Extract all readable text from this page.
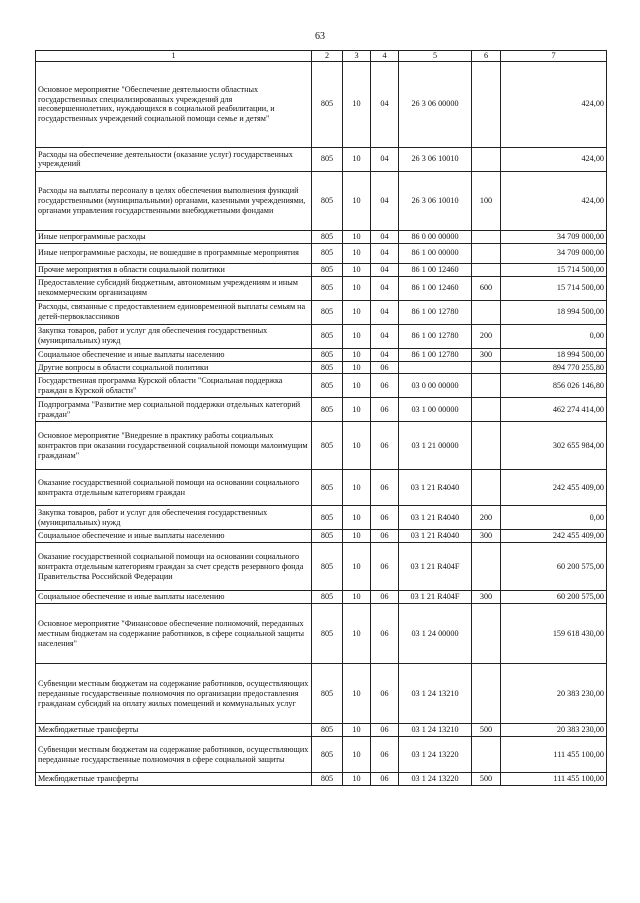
63
1	2	3	4	5	6	7
Основное мероприятие "Обеспечение деятельности областных государственных специализированных учреждений для несовершеннолетних, нуждающихся в социальной реабилитации, и государственных учреждений социальной помощи семье и детям"	805	10	04	26 3 06 00000		424,00
Расходы на обеспечение деятельности (оказание услуг) государственных учреждений	805	10	04	26 3 06 10010		424,00
Расходы на выплаты персоналу в целях обеспечения выполнения функций государственными (муниципальными) органами, казенными учреждениями, органами управления государственными внебюджетными фондами	805	10	04	26 3 06 10010	100	424,00
Иные непрограммные расходы	805	10	04	86 0 00 00000		34 709 000,00
Иные непрограммные расходы, не вошедшие в программные мероприятия	805	10	04	86 1 00 00000		34 709 000,00
Прочие мероприятия в области социальной политики	805	10	04	86 1 00 12460		15 714 500,00
Предоставление субсидий бюджетным, автономным учреждениям и иным некоммерческим организациям	805	10	04	86 1 00 12460	600	15 714 500,00
Расходы, связанные с предоставлением единовременной выплаты семьям на детей-первоклассников	805	10	04	86 1 00 12780		18 994 500,00
Закупка товаров, работ и услуг для обеспечения государственных (муниципальных) нужд	805	10	04	86 1 00 12780	200	0,00
Социальное обеспечение и иные выплаты населению	805	10	04	86 1 00 12780	300	18 994 500,00
Другие вопросы в области социальной политики	805	10	06			894 770 255,80
Государственная программа Курской области "Социальная поддержка граждан в Курской области"	805	10	06	03 0 00 00000		856 026 146,80
Подпрограмма "Развитие мер социальной поддержки отдельных категорий граждан"	805	10	06	03 1 00 00000		462 274 414,00
Основное мероприятие "Внедрение в практику работы социальных контрактов при оказании государственной социальной помощи малоимущим гражданам"	805	10	06	03 1 21 00000		302 655 984,00
Оказание государственной социальной помощи на основании социального контракта отдельным категориям граждан	805	10	06	03 1 21 R4040		242 455 409,00
Закупка товаров, работ и услуг для обеспечения государственных (муниципальных) нужд	805	10	06	03 1 21 R4040	200	0,00
Социальное обеспечение и иные выплаты населению	805	10	06	03 1 21 R4040	300	242 455 409,00
Оказание государственной социальной помощи на основании социального контракта отдельным категориям граждан за счет средств резервного фонда Правительства Российской Федерации	805	10	06	03 1 21 R404F		60 200 575,00
Социальное обеспечение и иные выплаты населению	805	10	06	03 1 21 R404F	300	60 200 575,00
Основное мероприятие "Финансовое обеспечение полномочий, переданных местным бюджетам на содержание работников, в сфере социальной защиты населения"	805	10	06	03 1 24 00000		159 618 430,00
Субвенции местным бюджетам на содержание работников, осуществляющих переданные государственные полномочия по организации предоставления гражданам субсидий на оплату жилых помещений и коммунальных услуг	805	10	06	03 1 24 13210		20 383 230,00
Межбюджетные трансферты	805	10	06	03 1 24 13210	500	20 383 230,00
Субвенции местным бюджетам на содержание работников, осуществляющих переданные государственные полномочия в сфере социальной защиты	805	10	06	03 1 24 13220		111 455 100,00
Межбюджетные трансферты	805	10	06	03 1 24 13220	500	111 455 100,00
